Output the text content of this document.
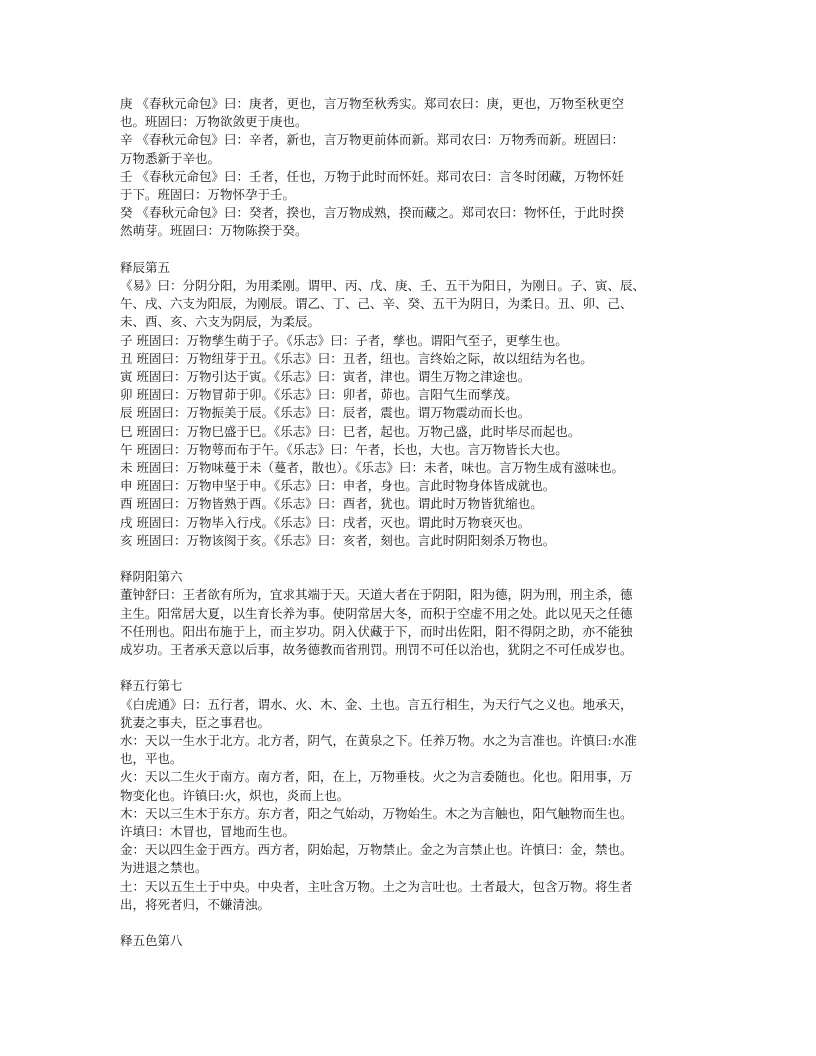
庚 《春秋元命包》曰：庚者，更也，言万物至秋秀实。郑司农曰：庚，更也，万物至秋更空

也。班固曰：万物欲敛更于庚也。

辛 《春秋元命包》曰：辛者，新也，言万物更前体而新。郑司农曰：万物秀而新。班固曰：

万物悉新于辛也。

壬 《春秋元命包》曰：壬者，任也，万物于此时而怀妊。郑司农曰：言冬时闭藏，万物怀妊

于下。班固曰：万物怀孕于壬。

癸 《春秋元命包》曰：癸者，揆也，言万物成熟，揆而藏之。郑司农曰：物怀任，于此时揆

然萌芽。班固曰：万物陈揆于癸。

释辰第五

《易》曰：分阴分阳，为用柔刚。谓甲、丙、戊、庚、壬、五干为阳日，为刚日。子、寅、辰、

午、戌、六支为阳辰，为刚辰。谓乙、丁、己、辛、癸、五干为阴日，为柔日。丑、卯、己、

未、酉、亥、六支为阴辰，为柔辰。

子 班固曰：万物孳生萌于子。《乐志》曰：子者，孳也。谓阳气至子，更孳生也。

丑 班固曰：万物纽芽于丑。《乐志》曰：丑者，纽也。言终始之际，故以纽结为名也。

寅 班固曰：万物引达于寅。《乐志》曰：寅者，津也。谓生万物之津途也。

卯 班固曰：万物冒茆于卯。《乐志》曰：卯者，茆也。言阳气生而孳茂。

辰 班固曰：万物振美于辰。《乐志》曰：辰者，震也。谓万物震动而长也。

巳 班固曰：万物巳盛于巳。《乐志》曰：巳者，起也。万物己盛，此时毕尽而起也。

午 班固曰：万物萼而布于午。《乐志》曰：午者，长也，大也。言万物皆长大也。

未 班固曰：万物味蔓于未（蔓者，散也）。《乐志》曰：未者，味也。言万物生成有滋味也。

申 班固曰：万物申坚于申。《乐志》曰：申者，身也。言此时物身体皆成就也。

酉 班固曰：万物皆熟于酉。《乐志》曰：酉者，犹也。谓此时万物皆犹缩也。

戌 班固曰：万物毕入行戌。《乐志》曰：戌者，灭也。谓此时万物衰灭也。

亥 班固曰：万物该阂于亥。《乐志》曰：亥者，刻也。言此时阴阳刻杀万物也。

释阴阳第六

董钟舒曰：王者欲有所为，宜求其端于天。天道大者在于阴阳，阳为德，阴为刑，刑主杀，德

主生。阳常居大夏，以生育长养为事。使阴常居大冬，而积于空虚不用之处。此以见天之任德

不任刑也。阳出布施于上，而主岁功。阴入伏藏于下，而时出佐阳，阳不得阴之助，亦不能独

成岁功。王者承天意以后事，故务德教而省刑罚。刑罚不可任以治也，犹阴之不可任成岁也。

释五行第七

《白虎通》曰：五行者，谓水、火、木、金、土也。言五行相生，为天行气之义也。地承天，

犹妻之事夫，臣之事君也。

水：天以一生水于北方。北方者，阴气，在黄泉之下。任养万物。水之为言准也。许慎曰:水准

也，平也。

火：天以二生火于南方。南方者，阳，在上，万物垂枝。火之为言委随也。化也。阳用事，万

物变化也。许镇曰:火，炽也，炎而上也。

木：天以三生木于东方。东方者，阳之气始动，万物始生。木之为言触也，阳气触物而生也。

许填曰：木冒也，冒地而生也。

金：天以四生金于西方。西方者，阴始起，万物禁止。金之为言禁止也。许慎曰：金，禁也。

为进退之禁也。

土：天以五生土于中央。中央者，主吐含万物。土之为言吐也。土者最大，包含万物。将生者

出，将死者归，不嫌清浊。

释五色第八
